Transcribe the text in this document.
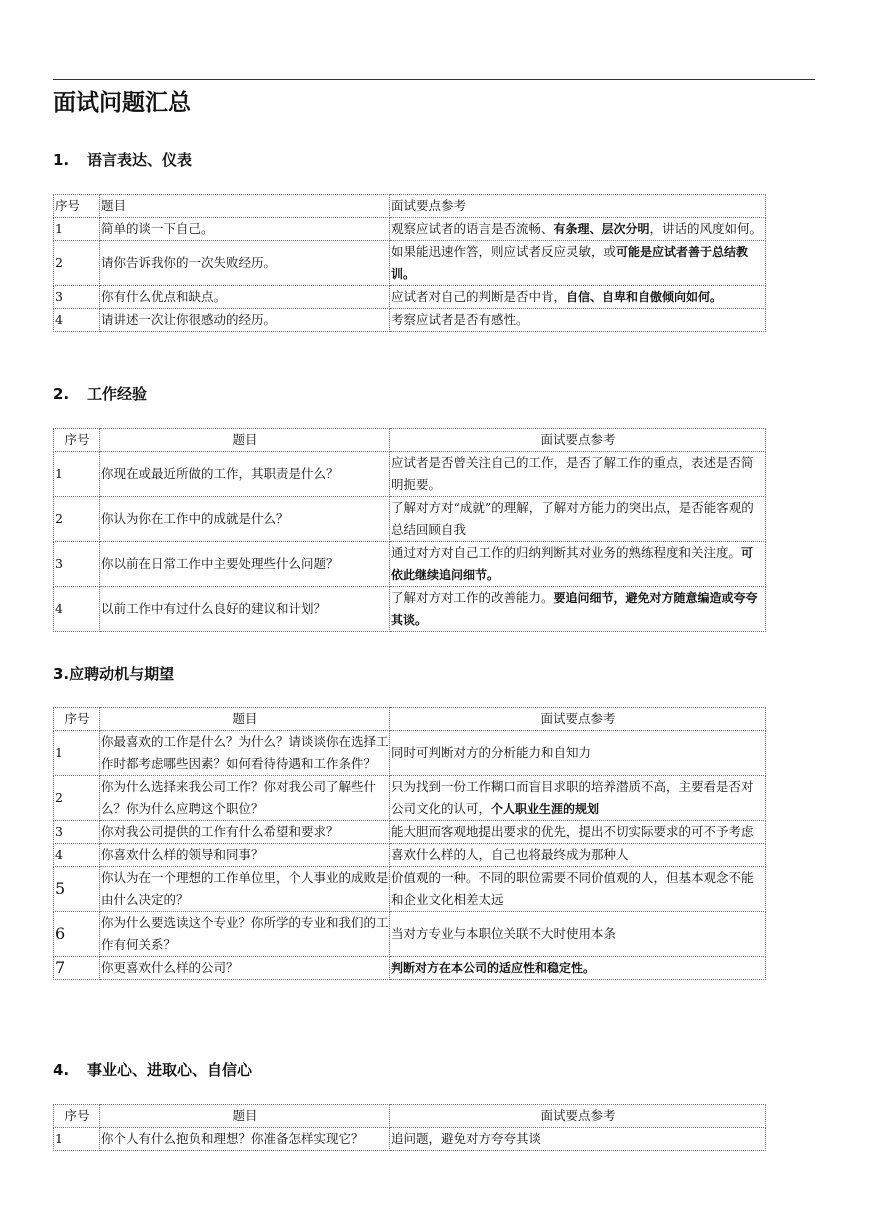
面试问题汇总
1. 语言表达、仪表
序号	题目	面试要点参考
1	简单的谈一下自己。	观察应试者的语言是否流畅、有条理、层次分明，讲话的风度如何。
2	请你告诉我你的一次失败经历。	如果能迅速作答，则应试者反应灵敏，或可能是应试者善于总结教训。
3	你有什么优点和缺点。	应试者对自己的判断是否中肯，自信、自卑和自傲倾向如何。
4	请讲述一次让你很感动的经历。	考察应试者是否有感性。
2. 工作经验
序号	题目	面试要点参考
1	你现在或最近所做的工作，其职责是什么？	应试者是否曾关注自己的工作，是否了解工作的重点，表述是否简明扼要。
2	你认为你在工作中的成就是什么？	了解对方对“成就”的理解，了解对方能力的突出点，是否能客观的总结回顾自我
3	你以前在日常工作中主要处理些什么问题？	通过对方对自己工作的归纳判断其对业务的熟练程度和关注度。可依此继续追问细节。
4	以前工作中有过什么良好的建议和计划？	了解对方对工作的改善能力。要追问细节，避免对方随意编造或夸夸其谈。
3.应聘动机与期望
序号	题目	面试要点参考
1	你最喜欢的工作是什么？为什么？请谈谈你在选择工作时都考虑哪些因素？如何看待待遇和工作条件？	同时可判断对方的分析能力和自知力
2	你为什么选择来我公司工作？你对我公司了解些什么？你为什么应聘这个职位？	只为找到一份工作糊口而盲目求职的培养潜质不高，主要看是否对公司文化的认可，个人职业生涯的规划
3	你对我公司提供的工作有什么希望和要求？	能大胆而客观地提出要求的优先，提出不切实际要求的可不予考虑
4	你喜欢什么样的领导和同事？	喜欢什么样的人，自己也将最终成为那种人
5	你认为在一个理想的工作单位里，个人事业的成败是由什么决定的？	价值观的一种。不同的职位需要不同价值观的人，但基本观念不能和企业文化相差太远
6	你为什么要选读这个专业？你所学的专业和我们的工作有何关系？	当对方专业与本职位关联不大时使用本条
7	你更喜欢什么样的公司？	判断对方在本公司的适应性和稳定性。
4. 事业心、进取心、自信心
序号	题目	面试要点参考
1	你个人有什么抱负和理想？你准备怎样实现它？	追问题，避免对方夸夸其谈
